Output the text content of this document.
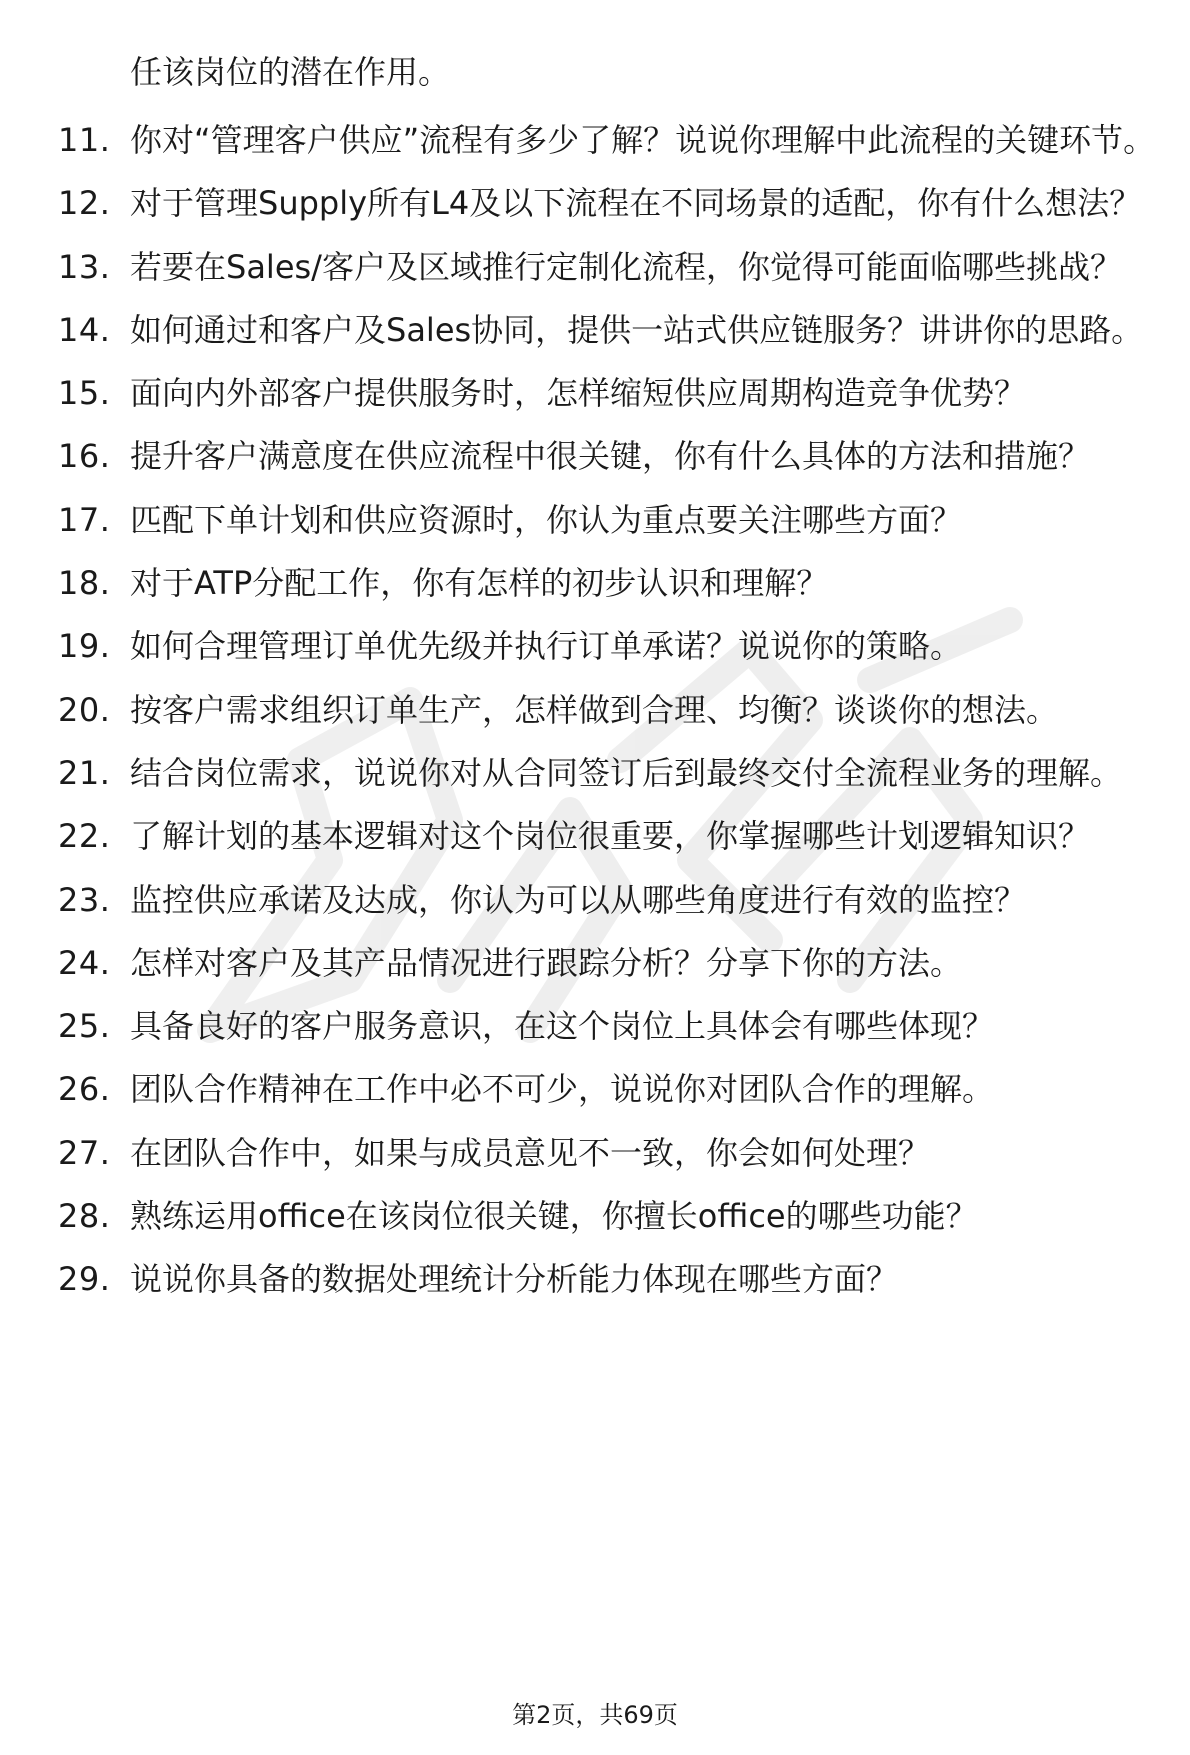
任该岗位的潜在作用。

11. 你对“管理客户供应”流程有多少了解？说说你理解中此流程的关键环节。
12. 对于管理Supply所有L4及以下流程在不同场景的适配，你有什么想法？
13. 若要在Sales/客户及区域推行定制化流程，你觉得可能面临哪些挑战？
14. 如何通过和客户及Sales协同，提供一站式供应链服务？讲讲你的思路。
15. 面向内外部客户提供服务时，怎样缩短供应周期构造竞争优势？
16. 提升客户满意度在供应流程中很关键，你有什么具体的方法和措施？
17. 匹配下单计划和供应资源时，你认为重点要关注哪些方面？
18. 对于ATP分配工作，你有怎样的初步认识和理解？
19. 如何合理管理订单优先级并执行订单承诺？说说你的策略。
20. 按客户需求组织订单生产，怎样做到合理、均衡？谈谈你的想法。
21. 结合岗位需求，说说你对从合同签订后到最终交付全流程业务的理解。
22. 了解计划的基本逻辑对这个岗位很重要，你掌握哪些计划逻辑知识？
23. 监控供应承诺及达成，你认为可以从哪些角度进行有效的监控？
24. 怎样对客户及其产品情况进行跟踪分析？分享下你的方法。
25. 具备良好的客户服务意识，在这个岗位上具体会有哪些体现？
26. 团队合作精神在工作中必不可少，说说你对团队合作的理解。
27. 在团队合作中，如果与成员意见不一致，你会如何处理？
28. 熟练运用office在该岗位很关键，你擅长office的哪些功能？
29. 说说你具备的数据处理统计分析能力体现在哪些方面？
第2页，共69页
